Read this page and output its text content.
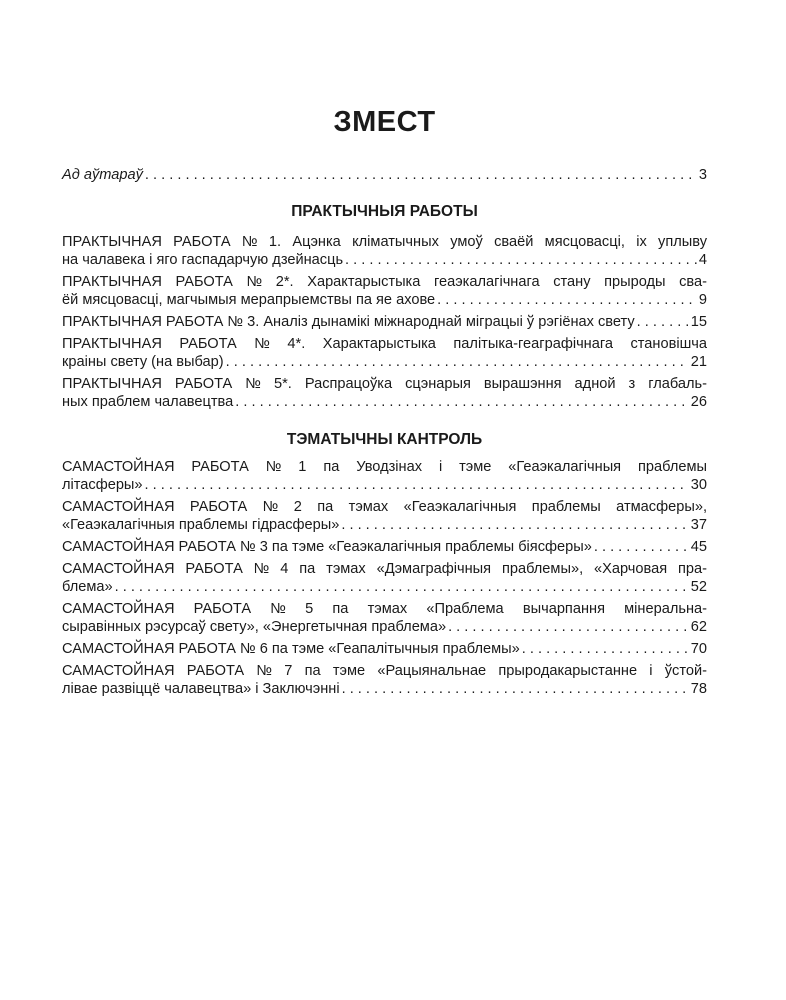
ЗМЕСТ
Ад аўтараў . . .	3
ПРАКТЫЧНЫЯ РАБОТЫ
ПРАКТЫЧНАЯ РАБОТА № 1. Ацэнка кліматычных умоў сваёй мясцовасці, іх уплыву
на чалавека і яго гаспадарчую дзейнасць . . .	4
ПРАКТЫЧНАЯ РАБОТА № 2*. Характарыстыка геаэкалагічнага стану прыроды сва-
ёй мясцовасці, магчымыя мерапрыемствы па яе ахове . . .	9
ПРАКТЫЧНАЯ РАБОТА № 3. Аналіз дынамікі міжнароднай міграцыі ў рэгіёнах свету . . .	15
ПРАКТЫЧНАЯ РАБОТА № 4*. Характарыстыка палітыка-геаграфічнага становішча
краіны свету (на выбар) . . .	21
ПРАКТЫЧНАЯ РАБОТА № 5*. Распрацоўка сцэнарыя вырашэння адной з глабаль-
ных праблем чалавецтва . . .	26
ТЭМАТЫЧНЫ КАНТРОЛЬ
САМАСТОЙНАЯ РАБОТА № 1 па Уводзінах і тэме «Геаэкалагічныя праблемы
літасферы» . . .	30
САМАСТОЙНАЯ РАБОТА № 2 па тэмах «Геаэкалагічныя праблемы атмасферы»,
«Геаэкалагічныя праблемы гідрасферы» . . .	37
САМАСТОЙНАЯ РАБОТА № 3 па тэме «Геаэкалагічныя праблемы біясферы» . . .	45
САМАСТОЙНАЯ РАБОТА № 4 па тэмах «Дэмаграфічныя праблемы», «Харчовая пра-
блема» . . .	52
САМАСТОЙНАЯ РАБОТА № 5 па тэмах «Праблема вычарпання мінеральна-
сыравінных рэсурсаў свету», «Энергетычная праблема» . . .	62
САМАСТОЙНАЯ РАБОТА № 6 па тэме «Геапалітычныя праблемы» . . .	70
САМАСТОЙНАЯ РАБОТА № 7 па тэме «Рацыянальнае прыродакарыстанне і ўстой-
лівае развіццё чалавецтва» і Заключэнні . . .	78
